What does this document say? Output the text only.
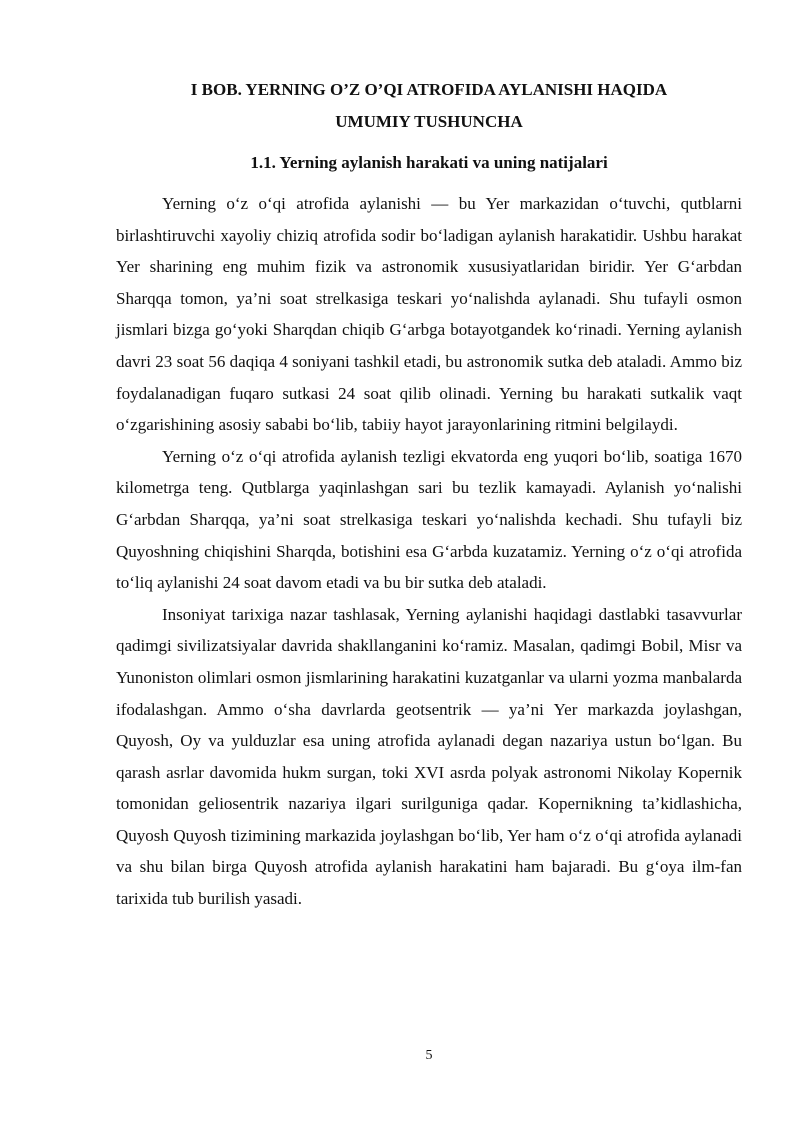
I BOB. YERNING O’Z O’QI ATROFIDA AYLANISHI HAQIDA

UMUMIY TUSHUNCHA

1.1. Yerning aylanish harakati va uning natijalari

Yerning o‘z o‘qi atrofida aylanishi — bu Yer markazidan o‘tuvchi, qutblarni birlashtiruvchi xayoliy chiziq atrofida sodir bo‘ladigan aylanish harakatidir. Ushbu harakat Yer sharining eng muhim fizik va astronomik xususiyatlaridan biridir. Yer G‘arbdan Sharqqa tomon, ya’ni soat strelkasiga teskari yo‘nalishda aylanadi. Shu tufayli osmon jismlari bizga go‘yoki Sharqdan chiqib G‘arbga botayotgandek ko‘rinadi. Yerning aylanish davri 23 soat 56 daqiqa 4 soniyani tashkil etadi, bu astronomik sutka deb ataladi. Ammo biz foydalanadigan fuqaro sutkasi 24 soat qilib olinadi. Yerning bu harakati sutkalik vaqt o‘zgarishining asosiy sababi bo‘lib, tabiiy hayot jarayonlarining ritmini belgilaydi.

Yerning o‘z o‘qi atrofida aylanish tezligi ekvatorda eng yuqori bo‘lib, soatiga 1670 kilometrga teng. Qutblarga yaqinlashgan sari bu tezlik kamayadi. Aylanish yo‘nalishi G‘arbdan Sharqqa, ya’ni soat strelkasiga teskari yo‘nalishda kechadi. Shu tufayli biz Quyoshning chiqishini Sharqda, botishini esa G‘arbda kuzatamiz. Yerning o‘z o‘qi atrofida to‘liq aylanishi 24 soat davom etadi va bu bir sutka deb ataladi.

Insoniyat tarixiga nazar tashlasak, Yerning aylanishi haqidagi dastlabki tasavvurlar qadimgi sivilizatsiyalar davrida shakllanganini ko‘ramiz. Masalan, qadimgi Bobil, Misr va Yunoniston olimlari osmon jismlarining harakatini kuzatganlar va ularni yozma manbalarda ifodalashgan. Ammo o‘sha davrlarda geotsentrik — ya’ni Yer markazda joylashgan, Quyosh, Oy va yulduzlar esa uning atrofida aylanadi degan nazariya ustun bo‘lgan. Bu qarash asrlar davomida hukm surgan, toki XVI asrda polyak astronomi Nikolay Kopernik tomonidan geliosentrik nazariya ilgari surilguniga qadar. Kopernikning ta’kidlashicha, Quyosh Quyosh tizimining markazida joylashgan bo‘lib, Yer ham o‘z o‘qi atrofida aylanadi va shu bilan birga Quyosh atrofida aylanish harakatini ham bajaradi. Bu g‘oya ilm-fan tarixida tub burilish yasadi.

5
